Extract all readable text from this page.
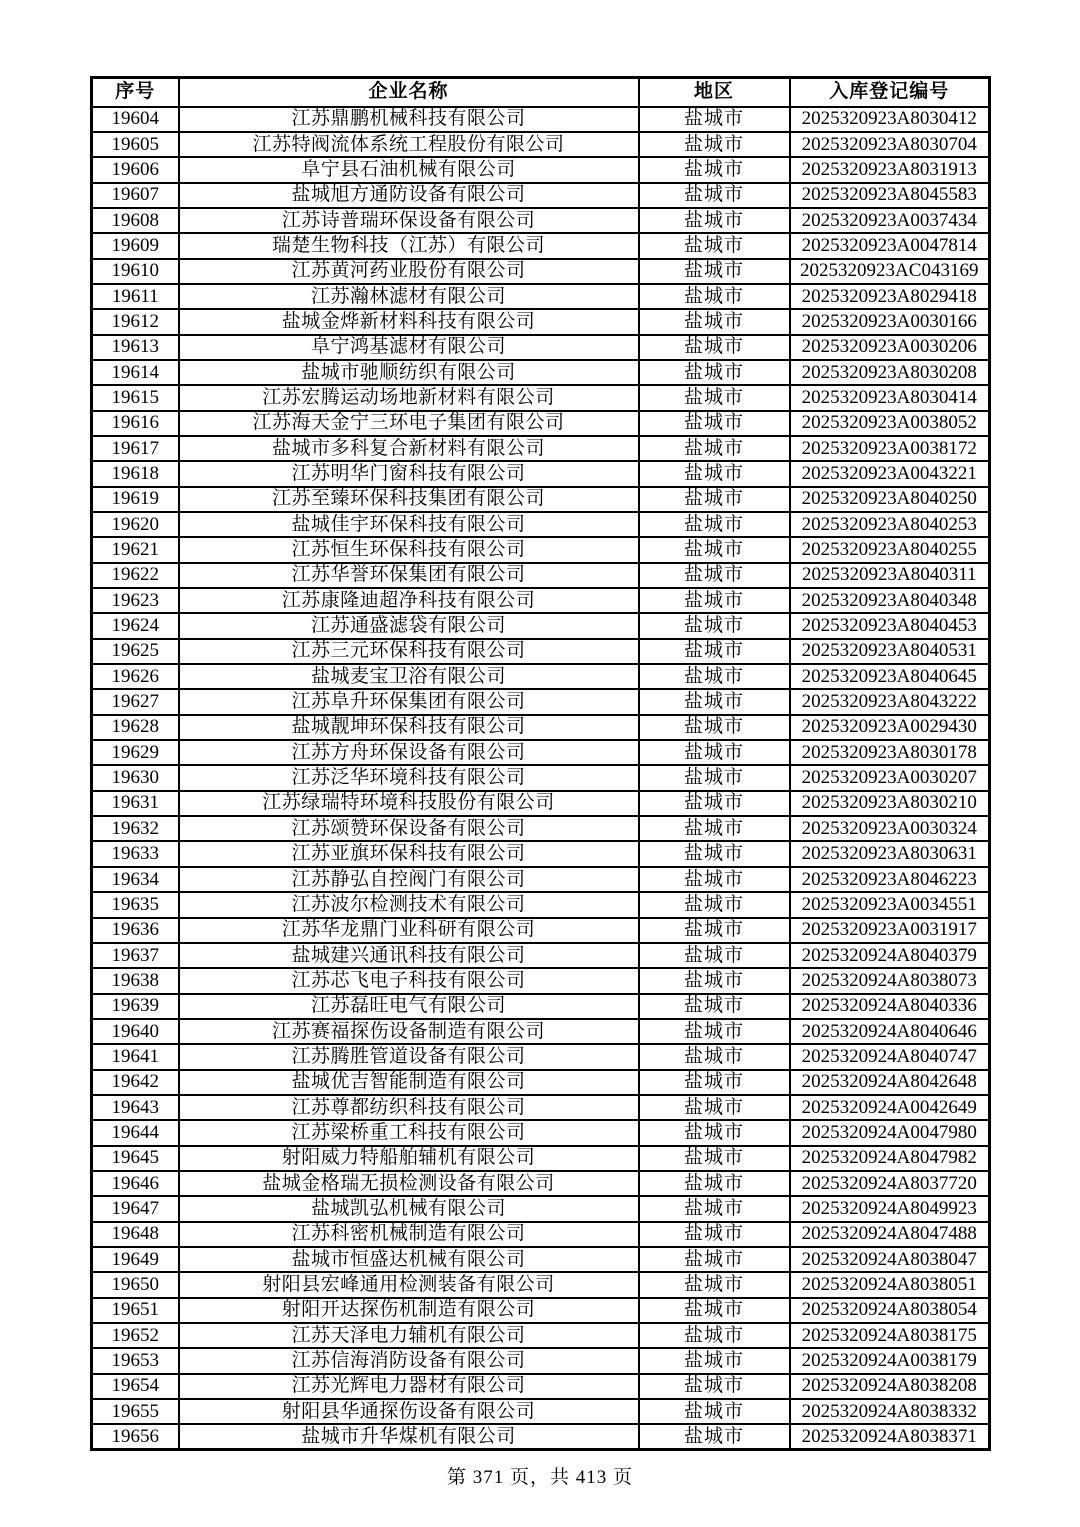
序号	企业名称	地区	入库登记编号
19604	江苏鼎鹏机械科技有限公司	盐城市	2025320923A8030412
19605	江苏特阀流体系统工程股份有限公司	盐城市	2025320923A8030704
19606	阜宁县石油机械有限公司	盐城市	2025320923A8031913
19607	盐城旭方通防设备有限公司	盐城市	2025320923A8045583
19608	江苏诗普瑞环保设备有限公司	盐城市	2025320923A0037434
19609	瑞楚生物科技（江苏）有限公司	盐城市	2025320923A0047814
19610	江苏黄河药业股份有限公司	盐城市	2025320923AC043169
19611	江苏瀚林滤材有限公司	盐城市	2025320923A8029418
19612	盐城金烨新材料科技有限公司	盐城市	2025320923A0030166
19613	阜宁鸿基滤材有限公司	盐城市	2025320923A0030206
19614	盐城市驰顺纺织有限公司	盐城市	2025320923A8030208
19615	江苏宏腾运动场地新材料有限公司	盐城市	2025320923A8030414
19616	江苏海天金宁三环电子集团有限公司	盐城市	2025320923A0038052
19617	盐城市多科复合新材料有限公司	盐城市	2025320923A0038172
19618	江苏明华门窗科技有限公司	盐城市	2025320923A0043221
19619	江苏至臻环保科技集团有限公司	盐城市	2025320923A8040250
19620	盐城佳宇环保科技有限公司	盐城市	2025320923A8040253
19621	江苏恒生环保科技有限公司	盐城市	2025320923A8040255
19622	江苏华誉环保集团有限公司	盐城市	2025320923A8040311
19623	江苏康隆迪超净科技有限公司	盐城市	2025320923A8040348
19624	江苏通盛滤袋有限公司	盐城市	2025320923A8040453
19625	江苏三元环保科技有限公司	盐城市	2025320923A8040531
19626	盐城麦宝卫浴有限公司	盐城市	2025320923A8040645
19627	江苏阜升环保集团有限公司	盐城市	2025320923A8043222
19628	盐城靓坤环保科技有限公司	盐城市	2025320923A0029430
19629	江苏方舟环保设备有限公司	盐城市	2025320923A8030178
19630	江苏泛华环境科技有限公司	盐城市	2025320923A0030207
19631	江苏绿瑞特环境科技股份有限公司	盐城市	2025320923A8030210
19632	江苏颂赞环保设备有限公司	盐城市	2025320923A0030324
19633	江苏亚旗环保科技有限公司	盐城市	2025320923A8030631
19634	江苏静弘自控阀门有限公司	盐城市	2025320923A8046223
19635	江苏波尔检测技术有限公司	盐城市	2025320923A0034551
19636	江苏华龙鼎门业科研有限公司	盐城市	2025320923A0031917
19637	盐城建兴通讯科技有限公司	盐城市	2025320924A8040379
19638	江苏芯飞电子科技有限公司	盐城市	2025320924A8038073
19639	江苏磊旺电气有限公司	盐城市	2025320924A8040336
19640	江苏赛福探伤设备制造有限公司	盐城市	2025320924A8040646
19641	江苏腾胜管道设备有限公司	盐城市	2025320924A8040747
19642	盐城优吉智能制造有限公司	盐城市	2025320924A8042648
19643	江苏尊都纺织科技有限公司	盐城市	2025320924A0042649
19644	江苏梁桥重工科技有限公司	盐城市	2025320924A0047980
19645	射阳威力特船舶辅机有限公司	盐城市	2025320924A8047982
19646	盐城金格瑞无损检测设备有限公司	盐城市	2025320924A8037720
19647	盐城凯弘机械有限公司	盐城市	2025320924A8049923
19648	江苏科密机械制造有限公司	盐城市	2025320924A8047488
19649	盐城市恒盛达机械有限公司	盐城市	2025320924A8038047
19650	射阳县宏峰通用检测装备有限公司	盐城市	2025320924A8038051
19651	射阳开达探伤机制造有限公司	盐城市	2025320924A8038054
19652	江苏天泽电力辅机有限公司	盐城市	2025320924A8038175
19653	江苏信海消防设备有限公司	盐城市	2025320924A0038179
19654	江苏光辉电力器材有限公司	盐城市	2025320924A8038208
19655	射阳县华通探伤设备有限公司	盐城市	2025320924A8038332
19656	盐城市升华煤机有限公司	盐城市	2025320924A8038371
第 371 页，共 413 页
